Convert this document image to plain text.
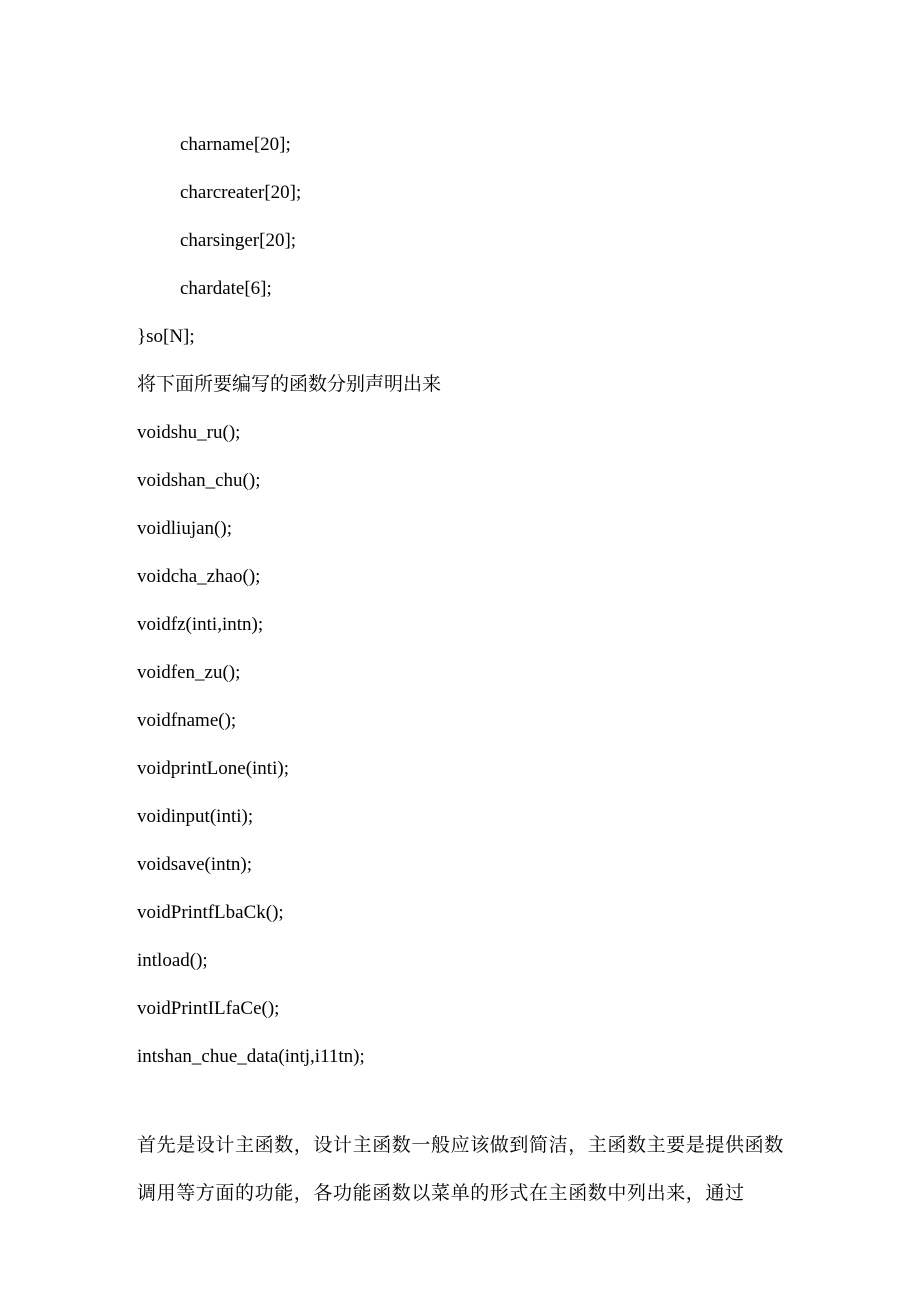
charname[20];
charcreater[20];
charsinger[20];
chardate[6];
}so[N];
将下面所要编写的函数分别声明出来
voidshu_ru();
voidshan_chu();
voidliujan();
voidcha_zhao();
voidfz(inti,intn);
voidfen_zu();
voidfname();
voidprintLone(inti);
voidinput(inti);
voidsave(intn);
voidPrintfLbaCk();
intload();
voidPrintILfaCe();
intshan_chue_data(intj,i11tn);
首先是设计主函数，设计主函数一般应该做到简洁，主函数主要是提供函数调用等方面的功能，各功能函数以菜单的形式在主函数中列出来，通过
